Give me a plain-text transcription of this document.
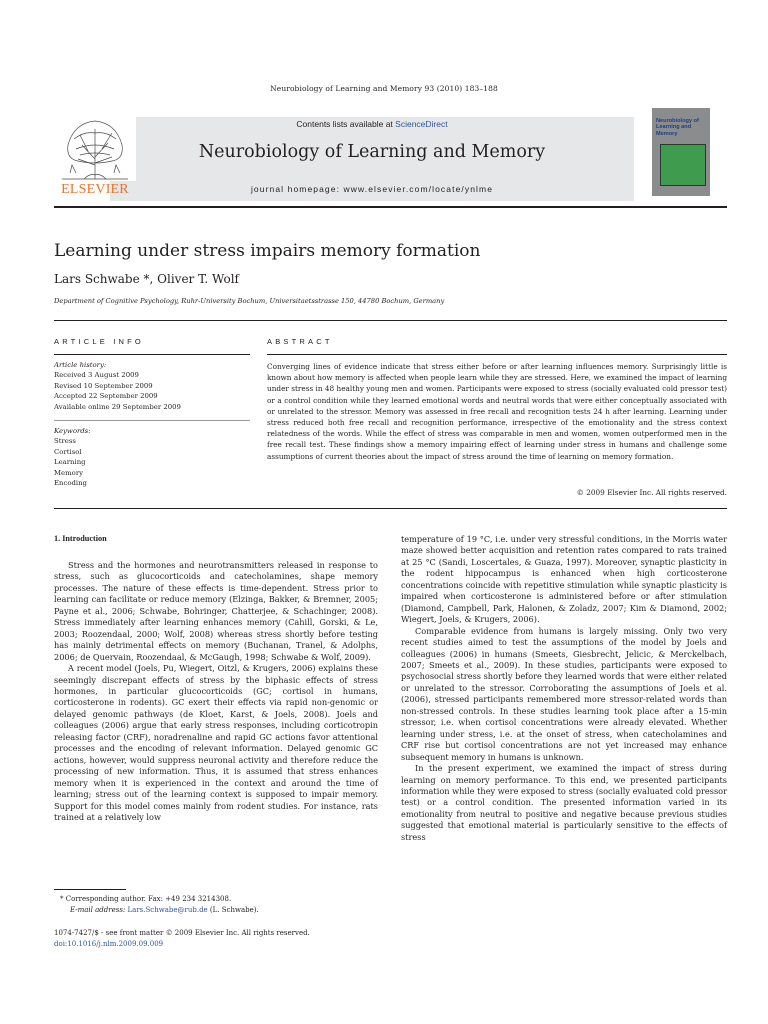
Neurobiology of Learning and Memory 93 (2010) 183–188
Contents lists available at ScienceDirect
Neurobiology of Learning and Memory
journal homepage: www.elsevier.com/locate/ynlme
ELSEVIER
Neurobiology of Learning and Memory
Learning under stress impairs memory formation
Lars Schwabe *, Oliver T. Wolf
Department of Cognitive Psychology, Ruhr-University Bochum, Universitaetsstrasse 150, 44780 Bochum, Germany
ARTICLE INFO
Article history:
Received 3 August 2009
Revised 10 September 2009
Accepted 22 September 2009
Available online 29 September 2009
Keywords:
Stress
Cortisol
Learning
Memory
Encoding
ABSTRACT
Converging lines of evidence indicate that stress either before or after learning influences memory. Surprisingly little is known about how memory is affected when people learn while they are stressed. Here, we examined the impact of learning under stress in 48 healthy young men and women. Participants were exposed to stress (socially evaluated cold pressor test) or a control condition while they learned emotional words and neutral words that were either conceptually associated with or unrelated to the stressor. Memory was assessed in free recall and recognition tests 24 h after learning. Learning under stress reduced both free recall and recognition performance, irrespective of the emotionality and the stress context relatedness of the words. While the effect of stress was comparable in men and women, women outperformed men in the free recall test. These findings show a memory impairing effect of learning under stress in humans and challenge some assumptions of current theories about the impact of stress around the time of learning on memory formation.
© 2009 Elsevier Inc. All rights reserved.
1. Introduction

Stress and the hormones and neurotransmitters released in response to stress, such as glucocorticoids and catecholamines, shape memory processes. The nature of these effects is time-dependent. Stress prior to learning can facilitate or reduce memory (Elzinga, Bakker, & Bremner, 2005; Payne et al., 2006; Schwabe, Bohringer, Chatterjee, & Schachinger, 2008). Stress immediately after learning enhances memory (Cahill, Gorski, & Le, 2003; Roozendaal, 2000; Wolf, 2008) whereas stress shortly before testing has mainly detrimental effects on memory (Buchanan, Tranel, & Adolphs, 2006; de Quervain, Roozendaal, & McGaugh, 1998; Schwabe & Wolf, 2009).

A recent model (Joels, Pu, Wiegert, Oitzl, & Krugers, 2006) explains these seemingly discrepant effects of stress by the biphasic effects of stress hormones, in particular glucocorticoids (GC; cortisol in humans, corticosterone in rodents). GC exert their effects via rapid non-genomic or delayed genomic pathways (de Kloet, Karst, & Joels, 2008). Joels and colleagues (2006) argue that early stress responses, including corticotropin releasing factor (CRF), noradrenaline and rapid GC actions favor attentional processes and the encoding of relevant information. Delayed genomic GC actions, however, would suppress neuronal activity and therefore reduce the processing of new information. Thus, it is assumed that stress enhances memory when it is experienced in the context and around the time of learning; stress out of the learning context is supposed to impair memory. Support for this model comes mainly from rodent studies. For instance, rats trained at a relatively low

temperature of 19 °C, i.e. under very stressful conditions, in the Morris water maze showed better acquisition and retention rates compared to rats trained at 25 °C (Sandi, Loscertales, & Guaza, 1997). Moreover, synaptic plasticity in the rodent hippocampus is enhanced when high corticosterone concentrations coincide with repetitive stimulation while synaptic plasticity is impaired when corticosterone is administered before or after stimulation (Diamond, Campbell, Park, Halonen, & Zoladz, 2007; Kim & Diamond, 2002; Wiegert, Joels, & Krugers, 2006).

Comparable evidence from humans is largely missing. Only two very recent studies aimed to test the assumptions of the model by Joels and colleagues (2006) in humans (Smeets, Giesbrecht, Jelicic, & Merckelbach, 2007; Smeets et al., 2009). In these studies, participants were exposed to psychosocial stress shortly before they learned words that were either related or unrelated to the stressor. Corroborating the assumptions of Joels et al. (2006), stressed participants remembered more stressor-related words than non-stressed controls. In these studies learning took place after a 15-min stressor, i.e. when cortisol concentrations were already elevated. Whether learning under stress, i.e. at the onset of stress, when catecholamines and CRF rise but cortisol concentrations are not yet increased may enhance subsequent memory in humans is unknown.

In the present experiment, we examined the impact of stress during learning on memory performance. To this end, we presented participants information while they were exposed to stress (socially evaluated cold pressor test) or a control condition. The presented information varied in its emotionality from neutral to positive and negative because previous studies suggested that emotional material is particularly sensitive to the effects of stress

* Corresponding author. Fax: +49 234 3214308.
E-mail address: Lars.Schwabe@rub.de (L. Schwabe).
1074-7427/$ - see front matter © 2009 Elsevier Inc. All rights reserved.
doi:10.1016/j.nlm.2009.09.009
